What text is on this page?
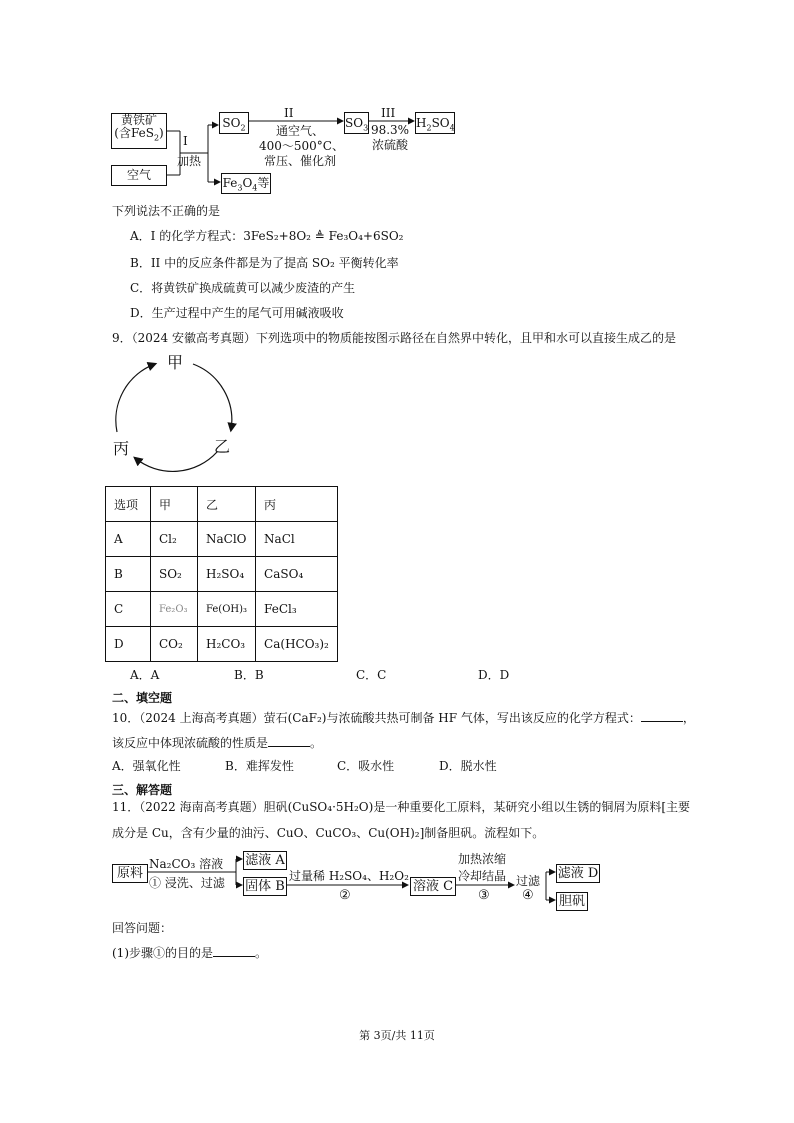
黄铁矿
(含FeS$_2$)
空气
I
加热
$SO_2$
II
通空气、
400～500°C、
常压、催化剂
$SO_3$
III
98.3%
浓硫酸
$H_2SO_4$
$Fe_3O_4$等
下列说法不正确的是
A．I 的化学方程式：3FeS₂+8O₂ ≜ Fe₃O₄+6SO₂
B．II 中的反应条件都是为了提高 SO₂ 平衡转化率
C．将黄铁矿换成硫黄可以减少废渣的产生
D．生产过程中产生的尾气可用碱液吸收
9．（2024 安徽高考真题）下列选项中的物质能按图示路径在自然界中转化，且甲和水可以直接生成乙的是
甲
乙
丙
选项	甲	乙	丙
A	Cl₂	NaClO	NaCl
B	SO₂	H₂SO₄	CaSO₄
C	Fe₂O₃	Fe(OH)₃	FeCl₃
D	CO₂	H₂CO₃	Ca(HCO₃)₂
A．A	B．B	C．C	D．D
二、填空题
10．（2024 上海高考真题）萤石(CaF₂)与浓硫酸共热可制备 HF 气体，写出该反应的化学方程式：	，
该反应中体现浓硫酸的性质是	。
A．强氧化性	B．难挥发性	C．吸水性	D．脱水性
三、解答题
11．（2022 海南高考真题）胆矾(CuSO₄·5H₂O)是一种重要化工原料，某研究小组以生锈的铜屑为原料[主要
成分是 Cu，含有少量的油污、CuO、CuCO₃、Cu(OH)₂]制备胆矾。流程如下。
原料
Na₂CO₃ 溶液
① 浸洗、过滤
滤液 A
固体 B
过量稀 H₂SO₄、H₂O₂
②
溶液 C
加热浓缩
冷却结晶
③
过滤
④
滤液 D
胆矾
回答问题：
(1)步骤①的目的是	。
第 3页/共 11页
